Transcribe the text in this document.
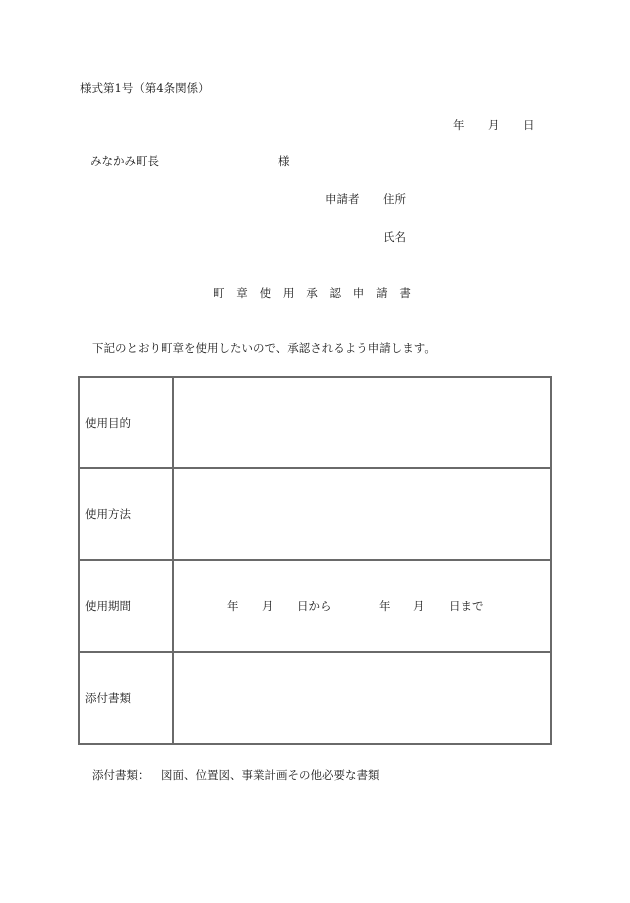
様式第1号（第4条関係）
年 月 日
みなかみ町長	様
申請者 住所
氏名
町章使用承認申請書
下記のとおり町章を使用したいので、承認されるよう申請します。
使用目的
使用方法
使用期間	年 月 日から	年 月 日まで
添付書類
添付書類： 図面、位置図、事業計画その他必要な書類
